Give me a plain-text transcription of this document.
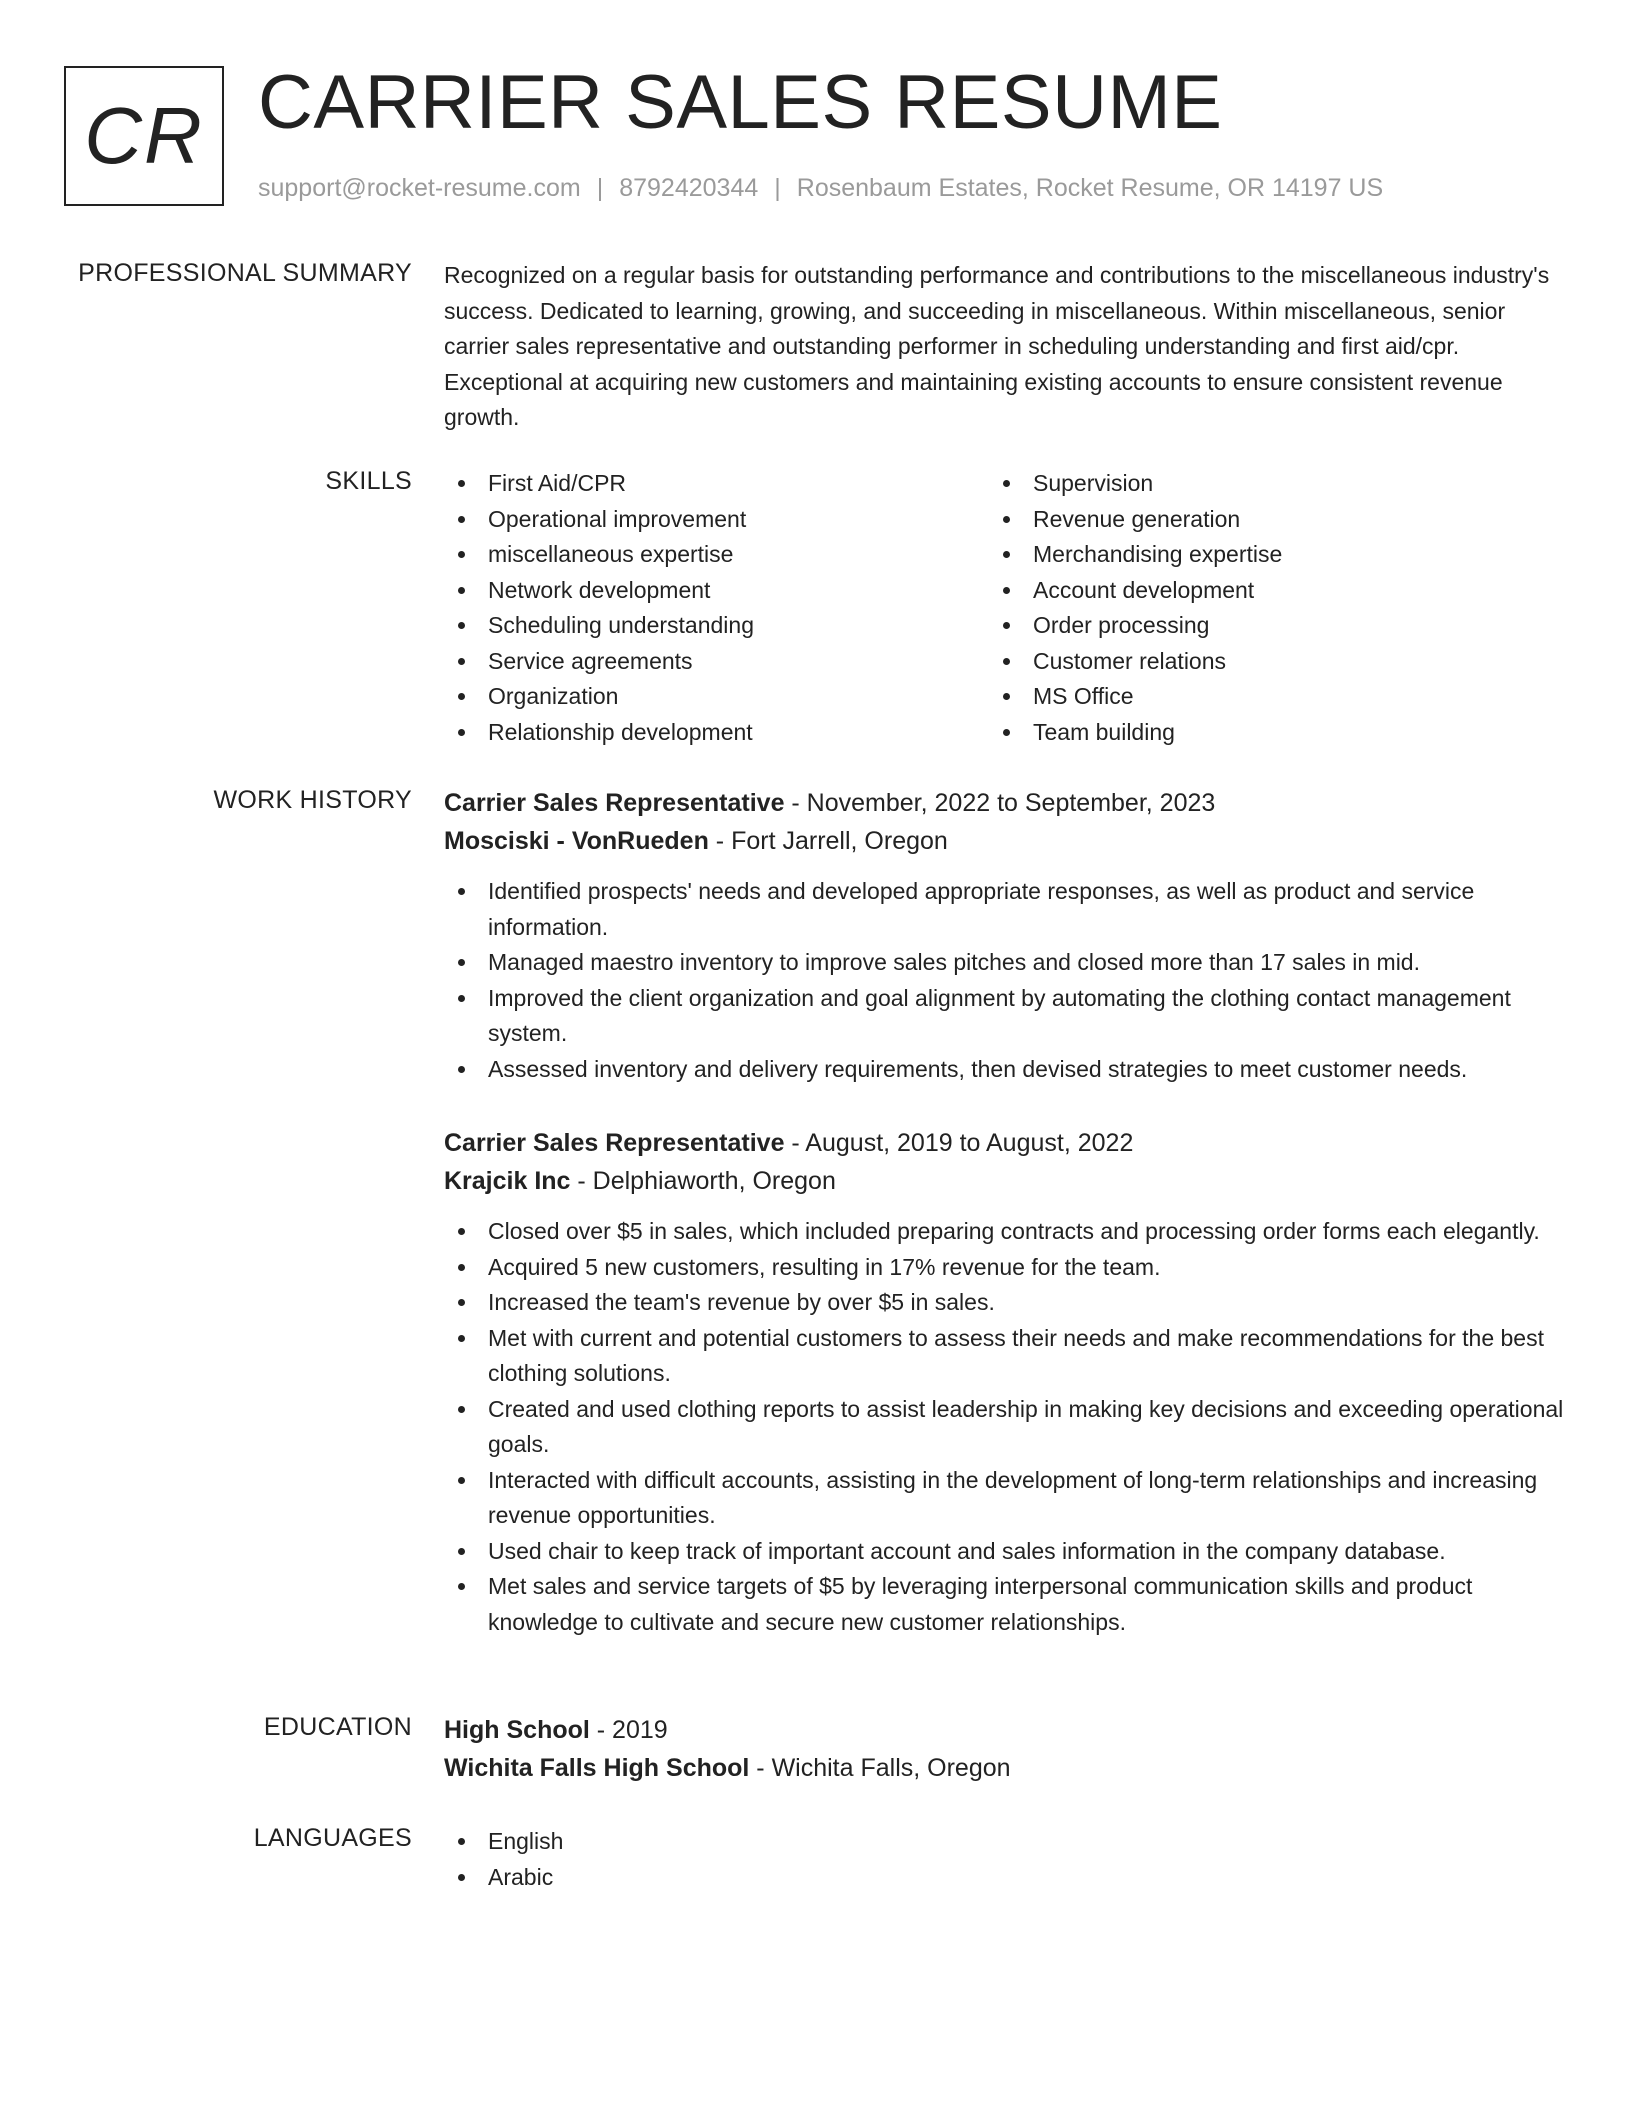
CR CARRIER SALES RESUME
support@rocket-resume.com | 8792420344 | Rosenbaum Estates, Rocket Resume, OR 14197 US
PROFESSIONAL SUMMARY Recognized on a regular basis for outstanding performance and contributions to the miscellaneous industry's success. Dedicated to learning, growing, and succeeding in miscellaneous. Within miscellaneous, senior carrier sales representative and outstanding performer in scheduling understanding and first aid/cpr. Exceptional at acquiring new customers and maintaining existing accounts to ensure consistent revenue growth.
SKILLS	First Aid/CPR
Operational improvement
miscellaneous expertise
Network development
Scheduling understanding
Service agreements
Organization
Relationship development
Supervision
Revenue generation
Merchandising expertise
Account development
Order processing
Customer relations
MS Office
Team building
WORK HISTORY Carrier Sales Representative - November, 2022 to September, 2023
Mosciski - VonRueden - Fort Jarrell, Oregon
Identified prospects' needs and developed appropriate responses, as well as product and service information.
Managed maestro inventory to improve sales pitches and closed more than 17 sales in mid.
Improved the client organization and goal alignment by automating the clothing contact management system.
Assessed inventory and delivery requirements, then devised strategies to meet customer needs.
Carrier Sales Representative - August, 2019 to August, 2022
Krajcik Inc - Delphiaworth, Oregon
Closed over $5 in sales, which included preparing contracts and processing order forms each elegantly.
Acquired 5 new customers, resulting in 17% revenue for the team.
Increased the team's revenue by over $5 in sales.
Met with current and potential customers to assess their needs and make recommendations for the best clothing solutions.
Created and used clothing reports to assist leadership in making key decisions and exceeding operational goals.
Interacted with difficult accounts, assisting in the development of long-term relationships and increasing revenue opportunities.
Used chair to keep track of important account and sales information in the company database.
Met sales and service targets of $5 by leveraging interpersonal communication skills and product knowledge to cultivate and secure new customer relationships.
EDUCATION High School - 2019
Wichita Falls High School - Wichita Falls, Oregon
LANGUAGES	English
Arabic
